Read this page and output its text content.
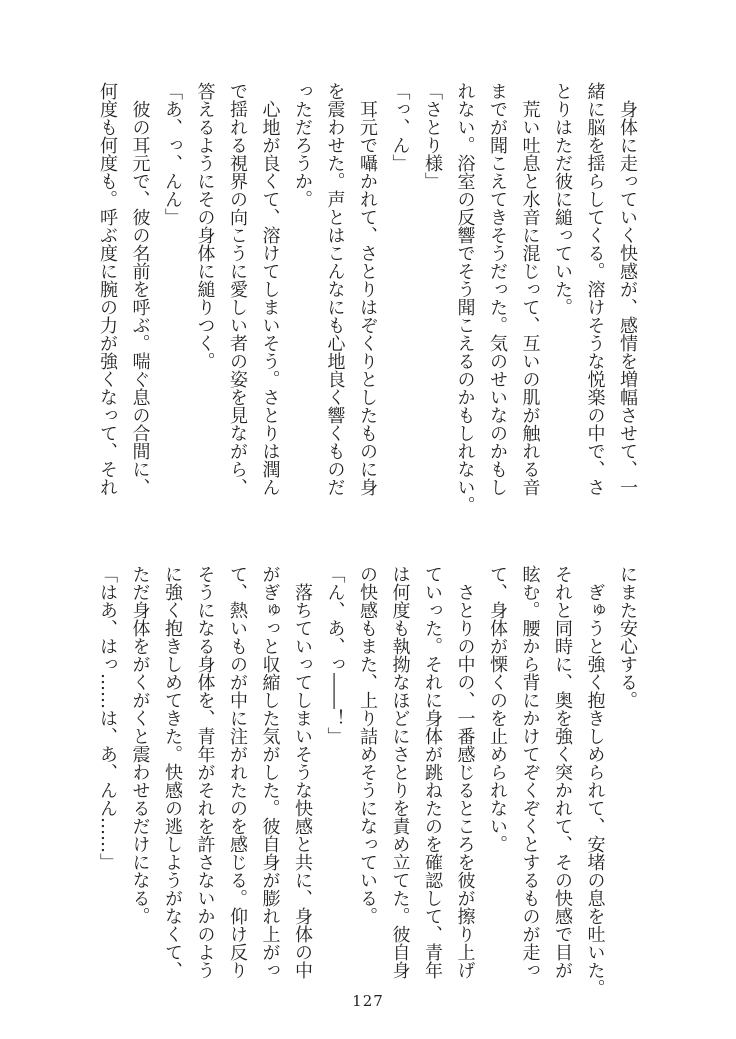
　身体に走っていく快感が、感情を増幅させて、一
緒に脳を揺らしてくる。溶けそうな悦楽の中で、さ
とりはただ彼に縋っていた。
　荒い吐息と水音に混じって、互いの肌が触れる音
までが聞こえてきそうだった。気のせいなのかもし
れない。浴室の反響でそう聞こえるのかもしれない。
「さとり様」
「っ、ん」
　耳元で囁かれて、さとりはぞくりとしたものに身
を震わせた。声とはこんなにも心地良く響くものだ
っただろうか。
　心地が良くて、溶けてしまいそう。さとりは潤ん
で揺れる視界の向こうに愛しい者の姿を見ながら、
答えるようにその身体に縋りつく。
「あ、っ、んん」
　彼の耳元で、彼の名前を呼ぶ。喘ぐ息の合間に、
何度も何度も。呼ぶ度に腕の力が強くなって、それ
にまた安心する。
　ぎゅうと強く抱きしめられて、安堵の息を吐いた。
それと同時に、奥を強く突かれて、その快感で目が
眩む。腰から背にかけてぞくぞくとするものが走っ
て、身体が慄くのを止められない。
　さとりの中の、一番感じるところを彼が擦り上げ
ていった。それに身体が跳ねたのを確認して、青年
は何度も執拗なほどにさとりを責め立てた。彼自身
の快感もまた、上り詰めそうになっている。
「ん、あ、っ――！」
　落ちていってしまいそうな快感と共に、身体の中
がぎゅっと収縮した気がした。彼自身が膨れ上がっ
て、熱いものが中に注がれたのを感じる。仰け反り
そうになる身体を、青年がそれを許さないかのよう
に強く抱きしめてきた。快感の逃しようがなくて、
ただ身体をがくがくと震わせるだけになる。
「はあ、はっ……は、あ、んん……」
127
